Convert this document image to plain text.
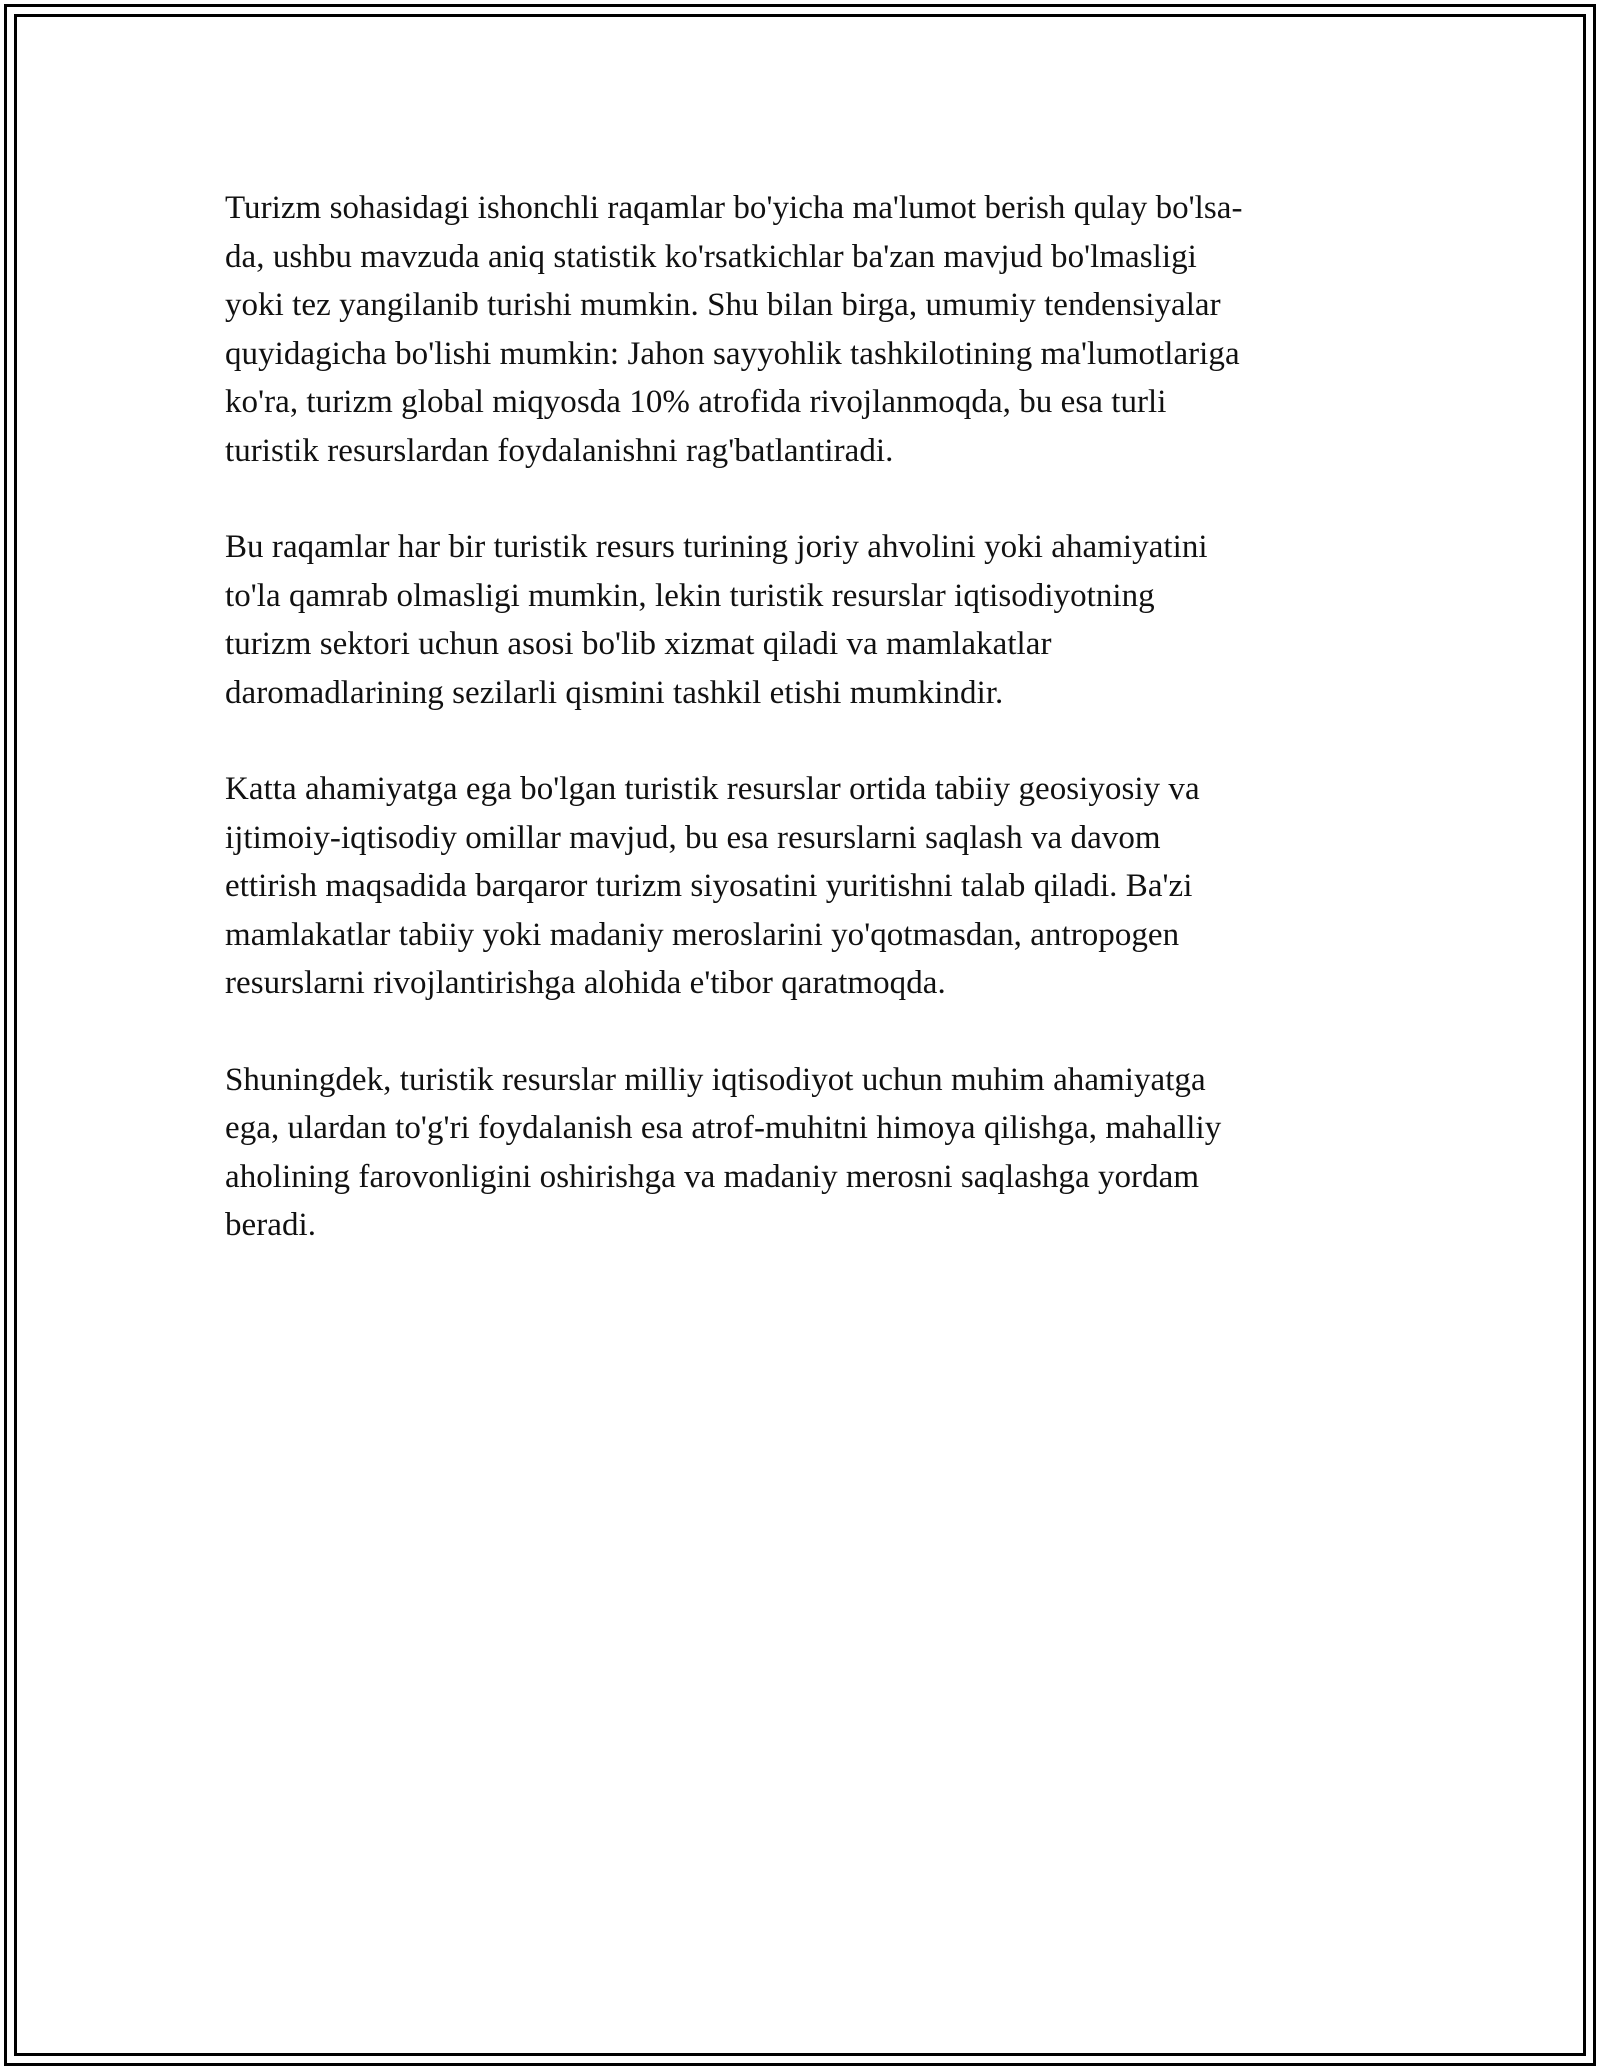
Turizm sohasidagi ishonchli raqamlar bo'yicha ma'lumot berish qulay bo'lsa-
da, ushbu mavzuda aniq statistik ko'rsatkichlar ba'zan mavjud bo'lmasligi
yoki tez yangilanib turishi mumkin. Shu bilan birga, umumiy tendensiyalar
quyidagicha bo'lishi mumkin: Jahon sayyohlik tashkilotining ma'lumotlariga
ko'ra, turizm global miqyosda 10% atrofida rivojlanmoqda, bu esa turli
turistik resurslardan foydalanishni rag'batlantiradi.

Bu raqamlar har bir turistik resurs turining joriy ahvolini yoki ahamiyatini
to'la qamrab olmasligi mumkin, lekin turistik resurslar iqtisodiyotning
turizm sektori uchun asosi bo'lib xizmat qiladi va mamlakatlar
daromadlarining sezilarli qismini tashkil etishi mumkindir.

Katta ahamiyatga ega bo'lgan turistik resurslar ortida tabiiy geosiyosiy va
ijtimoiy-iqtisodiy omillar mavjud, bu esa resurslarni saqlash va davom
ettirish maqsadida barqaror turizm siyosatini yuritishni talab qiladi. Ba'zi
mamlakatlar tabiiy yoki madaniy meroslarini yo'qotmasdan, antropogen
resurslarni rivojlantirishga alohida e'tibor qaratmoqda.

Shuningdek, turistik resurslar milliy iqtisodiyot uchun muhim ahamiyatga
ega, ulardan to'g'ri foydalanish esa atrof-muhitni himoya qilishga, mahalliy
aholining farovonligini oshirishga va madaniy merosni saqlashga yordam
beradi.
